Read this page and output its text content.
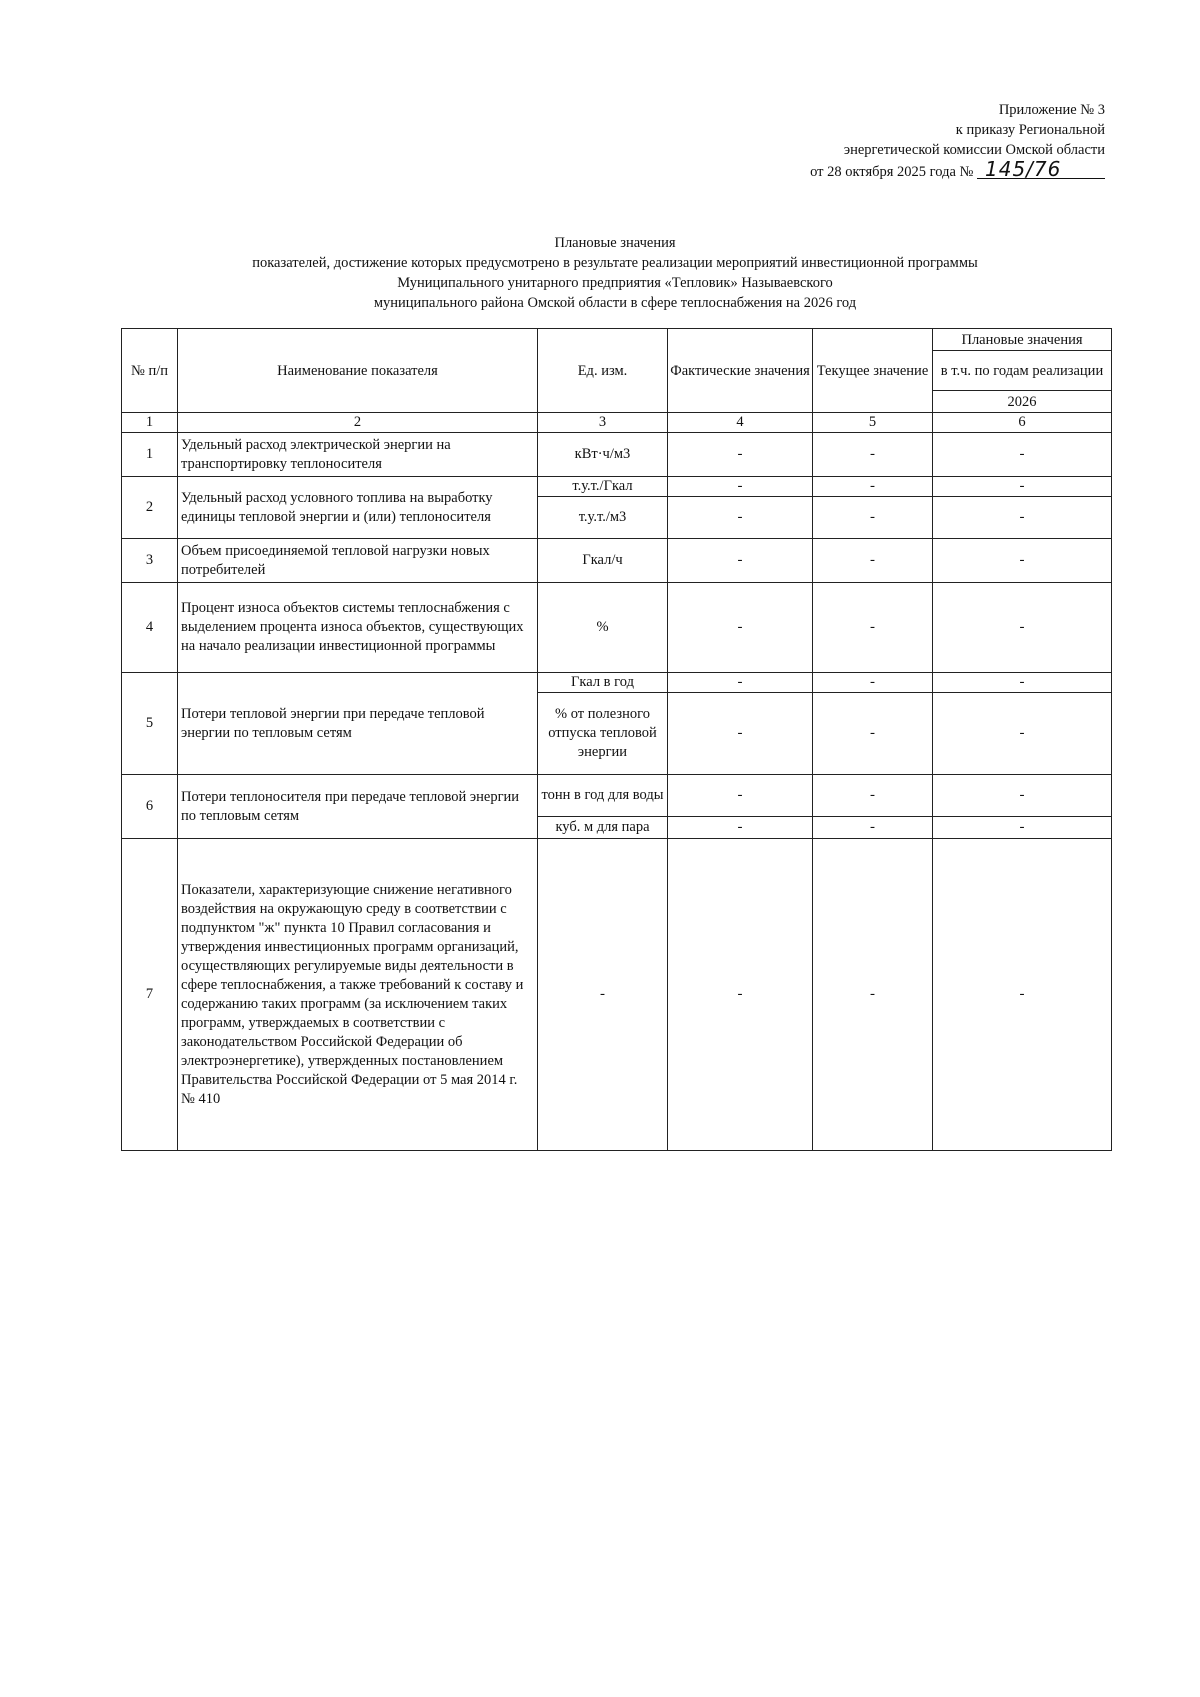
Приложение № 3
к приказу Региональной
энергетической комиссии Омской области
от 28 октября 2025 года № 145/76
Плановые значения
показателей, достижение которых предусмотрено в результате реализации мероприятий инвестиционной программы
Муниципального унитарного предприятия «Тепловик» Называевского
муниципального района Омской области в сфере теплоснабжения на 2026 год
№ п/п	Наименование показателя	Ед. изм.	Фактические значения	Текущее значение	Плановые значения
					в т.ч. по годам реализации
					2026

1	2	3	4	5	6
1	Удельный расход электрической энергии на транспортировку теплоносителя	кВт·ч/м3	-	-	-
2	Удельный расход условного топлива на выработку единицы тепловой энергии и (или) теплоносителя	т.у.т./Гкал	-	-	-
		т.у.т./м3	-	-	-
3	Объем присоединяемой тепловой нагрузки новых потребителей	Гкал/ч	-	-	-
4	Процент износа объектов системы теплоснабжения с выделением процента износа объектов, существующих на начало реализации инвестиционной программы	%	-	-	-
5	Потери тепловой энергии при передаче тепловой энергии по тепловым сетям	Гкал в год	-	-	-
		% от полезного отпуска тепловой энергии	-	-	-
6	Потери теплоносителя при передаче тепловой энергии по тепловым сетям	тонн в год для воды	-	-	-
		куб. м для пара	-	-	-
7	Показатели, характеризующие снижение негативного воздействия на окружающую среду в соответствии с подпунктом "ж" пункта 10 Правил согласования и утверждения инвестиционных программ организаций, осуществляющих регулируемые виды деятельности в сфере теплоснабжения, а также требований к составу и содержанию таких программ (за исключением таких программ, утверждаемых в соответствии с законодательством Российской Федерации об электроэнергетике), утвержденных постановлением Правительства Российской Федерации от 5 мая 2014 г. № 410	-	-	-	-
